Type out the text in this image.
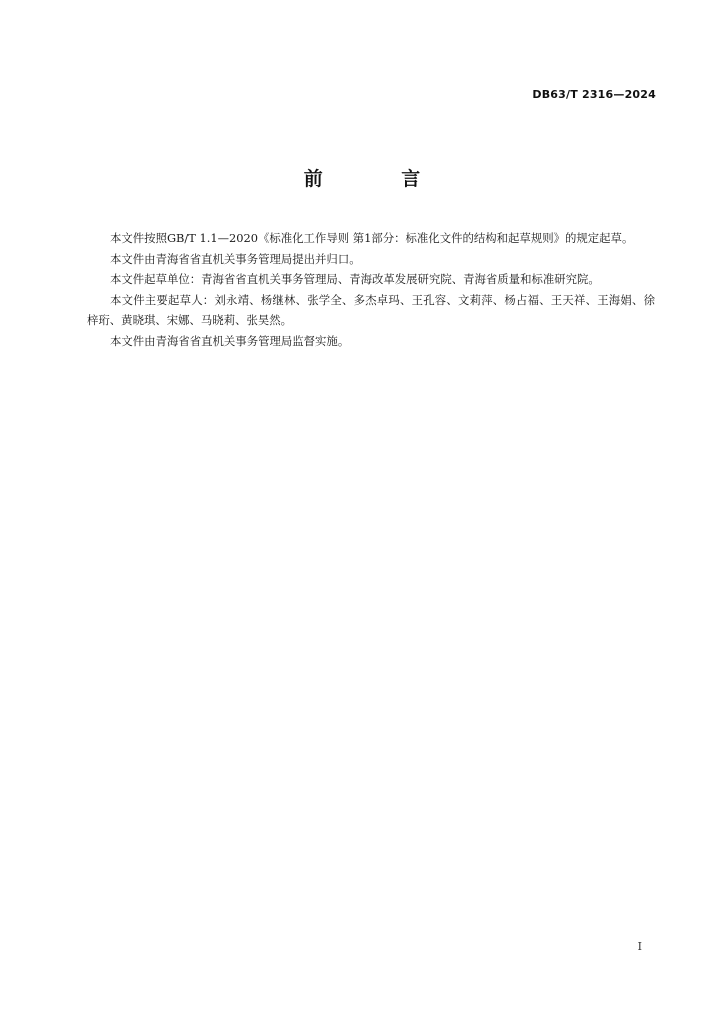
DB63/T 2316—2024
前 言

本文件按照GB/T 1.1—2020《标准化工作导则 第1部分：标准化文件的结构和起草规则》的规定起草。

本文件由青海省省直机关事务管理局提出并归口。

本文件起草单位：青海省省直机关事务管理局、青海改革发展研究院、青海省质量和标准研究院。

本文件主要起草人：刘永靖、杨继林、张学全、多杰卓玛、王孔容、文莉萍、杨占福、王天祥、王海娟、徐梓珩、黄晓琪、宋娜、马晓莉、张昊然。

本文件由青海省省直机关事务管理局监督实施。

I
